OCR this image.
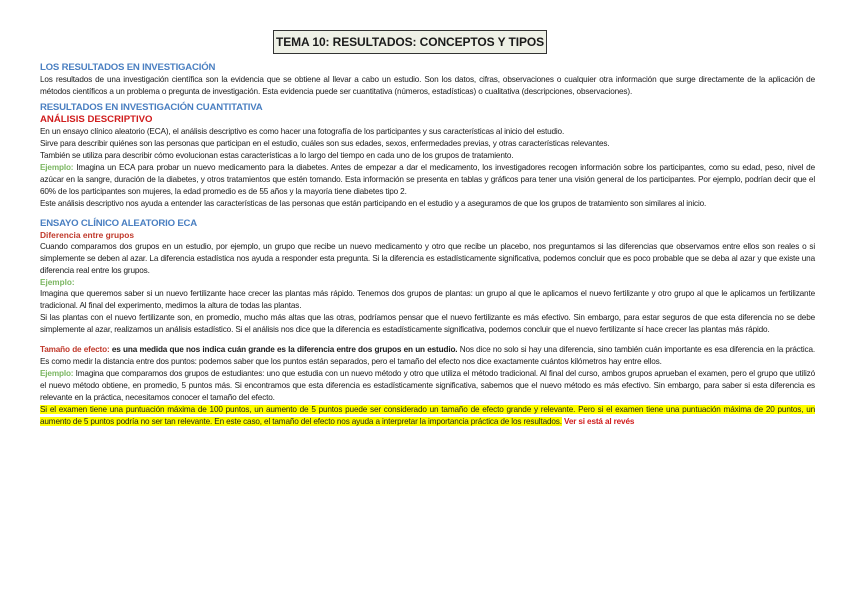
TEMA 10: RESULTADOS: CONCEPTOS Y TIPOS
LOS RESULTADOS EN INVESTIGACIÓN

Los resultados de una investigación científica son la evidencia que se obtiene al llevar a cabo un estudio. Son los datos, cifras, observaciones o cualquier otra información que surge directamente de la aplicación de métodos científicos a un problema o pregunta de investigación. Esta evidencia puede ser cuantitativa (números, estadísticas) o cualitativa (descripciones, observaciones).

RESULTADOS EN INVESTIGACIÓN CUANTITATIVA
ANÁLISIS DESCRIPTIVO

En un ensayo clínico aleatorio (ECA), el análisis descriptivo es como hacer una fotografía de los participantes y sus características al inicio del estudio.

Sirve para describir quiénes son las personas que participan en el estudio, cuáles son sus edades, sexos, enfermedades previas, y otras características relevantes.

También se utiliza para describir cómo evolucionan estas características a lo largo del tiempo en cada uno de los grupos de tratamiento.

Ejemplo: Imagina un ECA para probar un nuevo medicamento para la diabetes. Antes de empezar a dar el medicamento, los investigadores recogen información sobre los participantes, como su edad, peso, nivel de azúcar en la sangre, duración de la diabetes, y otros tratamientos que estén tomando. Esta información se presenta en tablas y gráficos para tener una visión general de los participantes. Por ejemplo, podrían decir que el 60% de los participantes son mujeres, la edad promedio es de 55 años y la mayoría tiene diabetes tipo 2.

Este análisis descriptivo nos ayuda a entender las características de las personas que están participando en el estudio y a aseguramos de que los grupos de tratamiento son similares al inicio.

ENSAYO CLÍNICO ALEATORIO ECA
Diferencia entre grupos

Cuando comparamos dos grupos en un estudio, por ejemplo, un grupo que recibe un nuevo medicamento y otro que recibe un placebo, nos preguntamos si las diferencias que observamos entre ellos son reales o si simplemente se deben al azar. La diferencia estadística nos ayuda a responder esta pregunta. Si la diferencia es estadísticamente significativa, podemos concluir que es poco probable que se deba al azar y que existe una diferencia real entre los grupos.

Ejemplo:

Imagina que queremos saber si un nuevo fertilizante hace crecer las plantas más rápido. Tenemos dos grupos de plantas: un grupo al que le aplicamos el nuevo fertilizante y otro grupo al que le aplicamos un fertilizante tradicional. Al final del experimento, medimos la altura de todas las plantas.

Si las plantas con el nuevo fertilizante son, en promedio, mucho más altas que las otras, podríamos pensar que el nuevo fertilizante es más efectivo. Sin embargo, para estar seguros de que esta diferencia no se debe simplemente al azar, realizamos un análisis estadístico. Si el análisis nos dice que la diferencia es estadísticamente significativa, podemos concluir que el nuevo fertilizante sí hace crecer las plantas más rápido.

Tamaño de efecto: es una medida que nos indica cuán grande es la diferencia entre dos grupos en un estudio. Nos dice no solo si hay una diferencia, sino también cuán importante es esa diferencia en la práctica. Es como medir la distancia entre dos puntos: podemos saber que los puntos están separados, pero el tamaño del efecto nos dice exactamente cuántos kilómetros hay entre ellos.

Ejemplo: Imagina que comparamos dos grupos de estudiantes: uno que estudia con un nuevo método y otro que utiliza el método tradicional. Al final del curso, ambos grupos aprueban el examen, pero el grupo que utilizó el nuevo método obtiene, en promedio, 5 puntos más. Si encontramos que esta diferencia es estadísticamente significativa, sabemos que el nuevo método es más efectivo. Sin embargo, para saber si esta diferencia es relevante en la práctica, necesitamos conocer el tamaño del efecto.

Si el examen tiene una puntuación máxima de 100 puntos, un aumento de 5 puntos puede ser considerado un tamaño de efecto grande y relevante. Pero si el examen tiene una puntuación máxima de 20 puntos, un aumento de 5 puntos podría no ser tan relevante. En este caso, el tamaño del efecto nos ayuda a interpretar la importancia práctica de los resultados. Ver si está al revés
